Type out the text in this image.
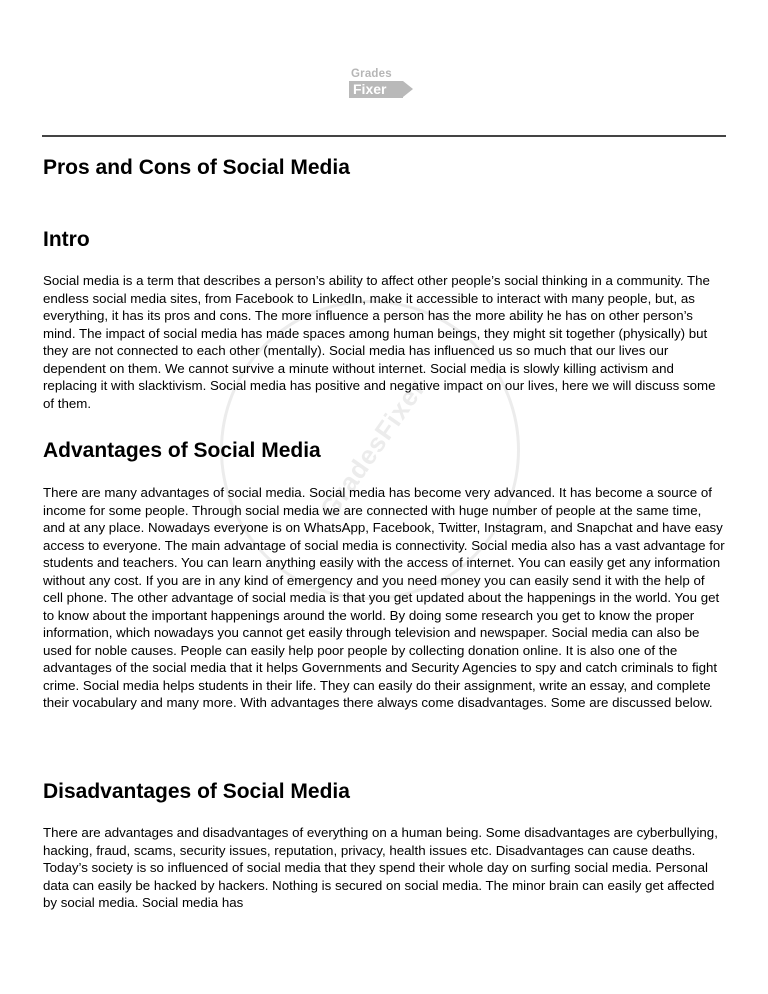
Grades
Fixer
GradesFixer
Pros and Cons of Social Media
Intro

Social media is a term that describes a person’s ability to affect other people’s social thinking in a community. The endless social media sites, from Facebook to LinkedIn, make it accessible to interact with many people, but, as everything, it has its pros and cons. The more influence a person has the more ability he has on other person’s mind. The impact of social media has made spaces among human beings, they might sit together (physically) but they are not connected to each other (mentally). Social media has influenced us so much that our lives our dependent on them. We cannot survive a minute without internet. Social media is slowly killing activism and replacing it with slacktivism. Social media has positive and negative impact on our lives, here we will discuss some of them.

Advantages of Social Media

There are many advantages of social media. Social media has become very advanced. It has become a source of income for some people. Through social media we are connected with huge number of people at the same time, and at any place. Nowadays everyone is on WhatsApp, Facebook, Twitter, Instagram, and Snapchat and have easy access to everyone. The main advantage of social media is connectivity. Social media also has a vast advantage for students and teachers. You can learn anything easily with the access of internet. You can easily get any information without any cost. If you are in any kind of emergency and you need money you can easily send it with the help of cell phone. The other advantage of social media is that you get updated about the happenings in the world. You get to know about the important happenings around the world. By doing some research you get to know the proper information, which nowadays you cannot get easily through television and newspaper. Social media can also be used for noble causes. People can easily help poor people by collecting donation online. It is also one of the advantages of the social media that it helps Governments and Security Agencies to spy and catch criminals to fight crime. Social media helps students in their life. They can easily do their assignment, write an essay, and complete their vocabulary and many more. With advantages there always come disadvantages. Some are discussed below.

Disadvantages of Social Media

There are advantages and disadvantages of everything on a human being. Some disadvantages are cyberbullying, hacking, fraud, scams, security issues, reputation, privacy, health issues etc. Disadvantages can cause deaths. Today’s society is so influenced of social media that they spend their whole day on surfing social media. Personal data can easily be hacked by hackers. Nothing is secured on social media. The minor brain can easily get affected by social media. Social media has
